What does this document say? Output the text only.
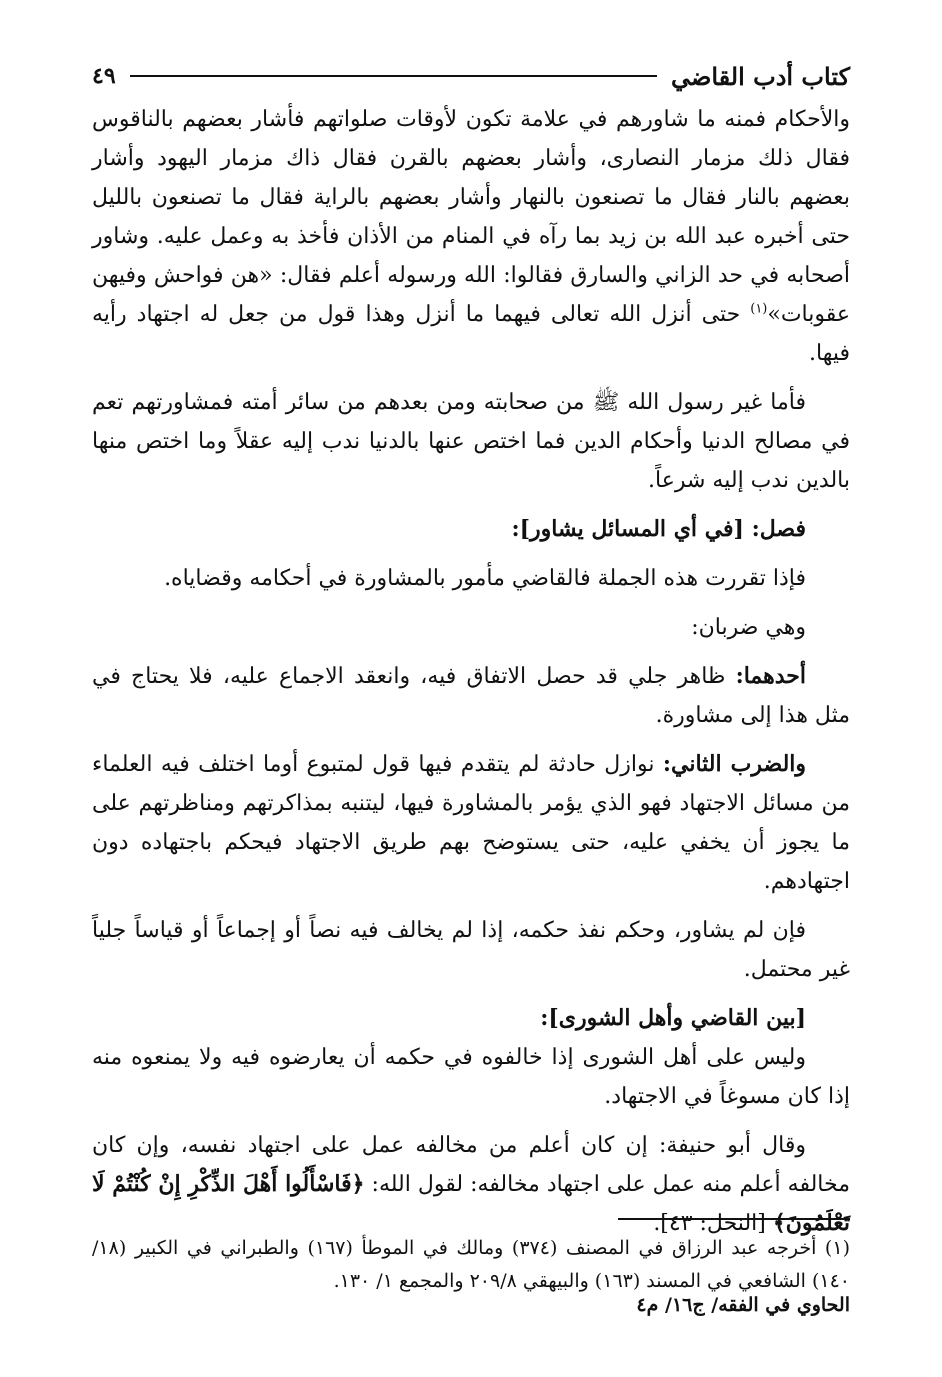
كتاب أدب القاضي
٤٩

والأحكام فمنه ما شاورهم في علامة تكون لأوقات صلواتهم فأشار بعضهم بالناقوس فقال ذلك مزمار النصارى، وأشار بعضهم بالقرن فقال ذاك مزمار اليهود وأشار بعضهم بالنار فقال ما تصنعون بالنهار وأشار بعضهم بالراية فقال ما تصنعون بالليل حتى أخبره عبد الله بن زيد بما رآه في المنام من الأذان فأخذ به وعمل عليه. وشاور أصحابه في حد الزاني والسارق فقالوا: الله ورسوله أعلم فقال: «هن فواحش وفيهن عقوبات»$^{(١)}$ حتى أنزل الله تعالى فيهما ما أنزل وهذا قول من جعل له اجتهاد رأيه فيها.

فأما غير رسول الله ﷺ من صحابته ومن بعدهم من سائر أمته فمشاورتهم تعم في مصالح الدنيا وأحكام الدين فما اختص عنها بالدنيا ندب إليه عقلاً وما اختص منها بالدين ندب إليه شرعاً.

فصل: [في أي المسائل يشاور]:

فإذا تقررت هذه الجملة فالقاضي مأمور بالمشاورة في أحكامه وقضاياه.

وهي ضربان:

أحدهما: ظاهر جلي قد حصل الاتفاق فيه، وانعقد الاجماع عليه، فلا يحتاج في مثل هذا إلى مشاورة.

والضرب الثاني: نوازل حادثة لم يتقدم فيها قول لمتبوع أوما اختلف فيه العلماء من مسائل الاجتهاد فهو الذي يؤمر بالمشاورة فيها، ليتنبه بمذاكرتهم ومناظرتهم على ما يجوز أن يخفي عليه، حتى يستوضح بهم طريق الاجتهاد فيحكم باجتهاده دون اجتهادهم.

فإن لم يشاور، وحكم نفذ حكمه، إذا لم يخالف فيه نصاً أو إجماعاً أو قياساً جلياً غير محتمل.

[بين القاضي وأهل الشورى]:

وليس على أهل الشورى إذا خالفوه في حكمه أن يعارضوه فيه ولا يمنعوه منه إذا كان مسوغاً في الاجتهاد.

وقال أبو حنيفة: إن كان أعلم من مخالفه عمل على اجتهاد نفسه، وإن كان مخالفه أعلم منه عمل على اجتهاد مخالفه: لقول الله: ﴿فَاسْأَلُوا أَهْلَ الذِّكْرِ إِنْ كُنْتُمْ لَا تَعْلَمُونَ﴾ [النحل: ٤٣].

(١) أخرجه عبد الرزاق في المصنف (٣٧٤) ومالك في الموطأ (١٦٧) والطبراني في الكبير (١٨/ ١٤٠) الشافعي في المسند (١٦٣) والبيهقي ٢٠٩/٨ والمجمع ١/ ١٣٠.

الحاوي في الفقه/ ج١٦/ م٤
